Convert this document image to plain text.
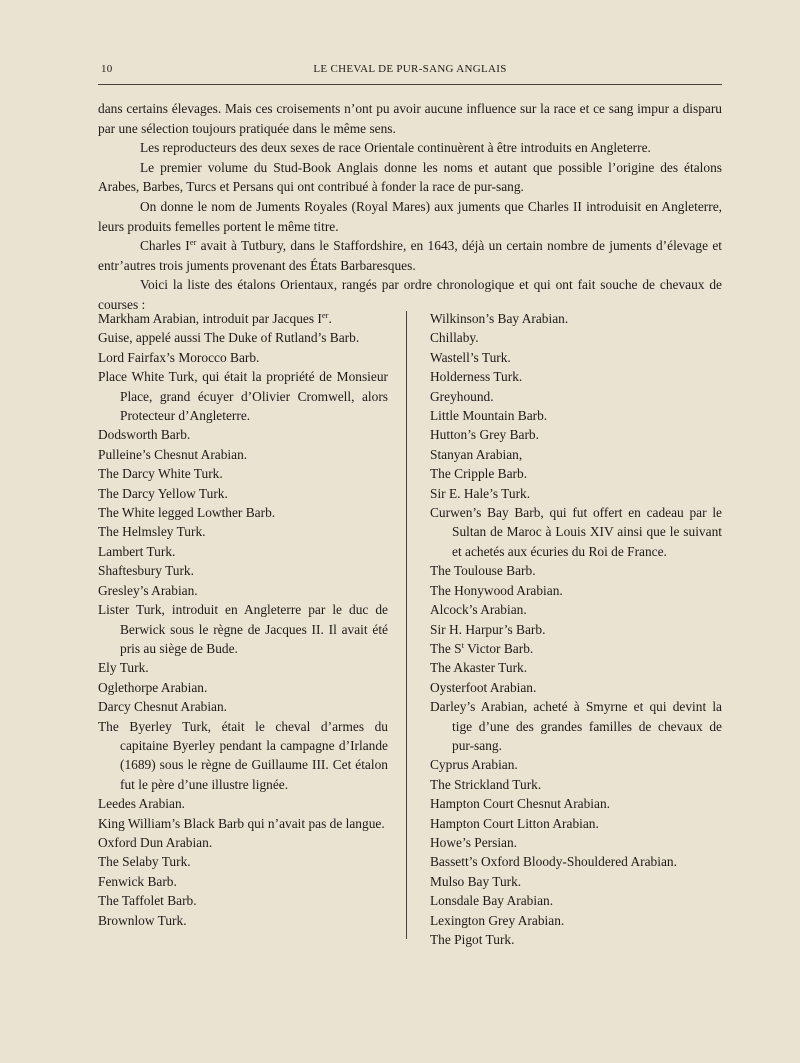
10	LE CHEVAL DE PUR-SANG ANGLAIS

dans certains élevages. Mais ces croisements n’ont pu avoir aucune influence sur la race et ce sang impur a disparu par une sélection toujours pratiquée dans le même sens.

Les reproducteurs des deux sexes de race Orientale continuèrent à être introduits en Angleterre.

Le premier volume du Stud-Book Anglais donne les noms et autant que possible l’origine des étalons Arabes, Barbes, Turcs et Persans qui ont contribué à fonder la race de pur-sang.

On donne le nom de Juments Royales (Royal Mares) aux juments que Charles II introduisit en Angleterre, leurs produits femelles portent le même titre.

Charles Ier avait à Tutbury, dans le Staffordshire, en 1643, déjà un certain nombre de juments d’élevage et entr’autres trois juments provenant des États Barbaresques.

Voici la liste des étalons Orientaux, rangés par ordre chronologique et qui ont fait souche de chevaux de courses :

Markham Arabian, introduit par Jacques Ier.

Guise, appelé aussi The Duke of Rutland’s Barb.

Lord Fairfax’s Morocco Barb.

Place White Turk, qui était la propriété de Monsieur Place, grand écuyer d’Olivier Cromwell, alors Protecteur d’Angleterre.

Dodsworth Barb.

Pulleine’s Chesnut Arabian.

The Darcy White Turk.

The Darcy Yellow Turk.

The White legged Lowther Barb.

The Helmsley Turk.

Lambert Turk.

Shaftesbury Turk.

Gresley’s Arabian.

Lister Turk, introduit en Angleterre par le duc de Berwick sous le règne de Jacques II. Il avait été pris au siège de Bude.

Ely Turk.

Oglethorpe Arabian.

Darcy Chesnut Arabian.

The Byerley Turk, était le cheval d’armes du capitaine Byerley pendant la campagne d’Irlande (1689) sous le règne de Guillaume III. Cet étalon fut le père d’une illustre lignée.

Leedes Arabian.

King William’s Black Barb qui n’avait pas de langue.

Oxford Dun Arabian.

The Selaby Turk.

Fenwick Barb.

The Taffolet Barb.

Brownlow Turk.

Wilkinson’s Bay Arabian.

Chillaby.

Wastell’s Turk.

Holderness Turk.

Greyhound.

Little Mountain Barb.

Hutton’s Grey Barb.

Stanyan Arabian,

The Cripple Barb.

Sir E. Hale’s Turk.

Curwen’s Bay Barb, qui fut offert en cadeau par le Sultan de Maroc à Louis XIV ainsi que le suivant et achetés aux écuries du Roi de France.

The Toulouse Barb.

The Honywood Arabian.

Alcock’s Arabian.

Sir H. Harpur’s Barb.

The $S^t$ Victor Barb.

The Akaster Turk.

Oysterfoot Arabian.

Darley’s Arabian, acheté à Smyrne et qui devint la tige d’une des grandes familles de chevaux de pur-sang.

Cyprus Arabian.

The Strickland Turk.

Hampton Court Chesnut Arabian.

Hampton Court Litton Arabian.

Howe’s Persian.

Bassett’s Oxford Bloody-Shouldered Arabian.

Mulso Bay Turk.

Lonsdale Bay Arabian.

Lexington Grey Arabian.

The Pigot Turk.
